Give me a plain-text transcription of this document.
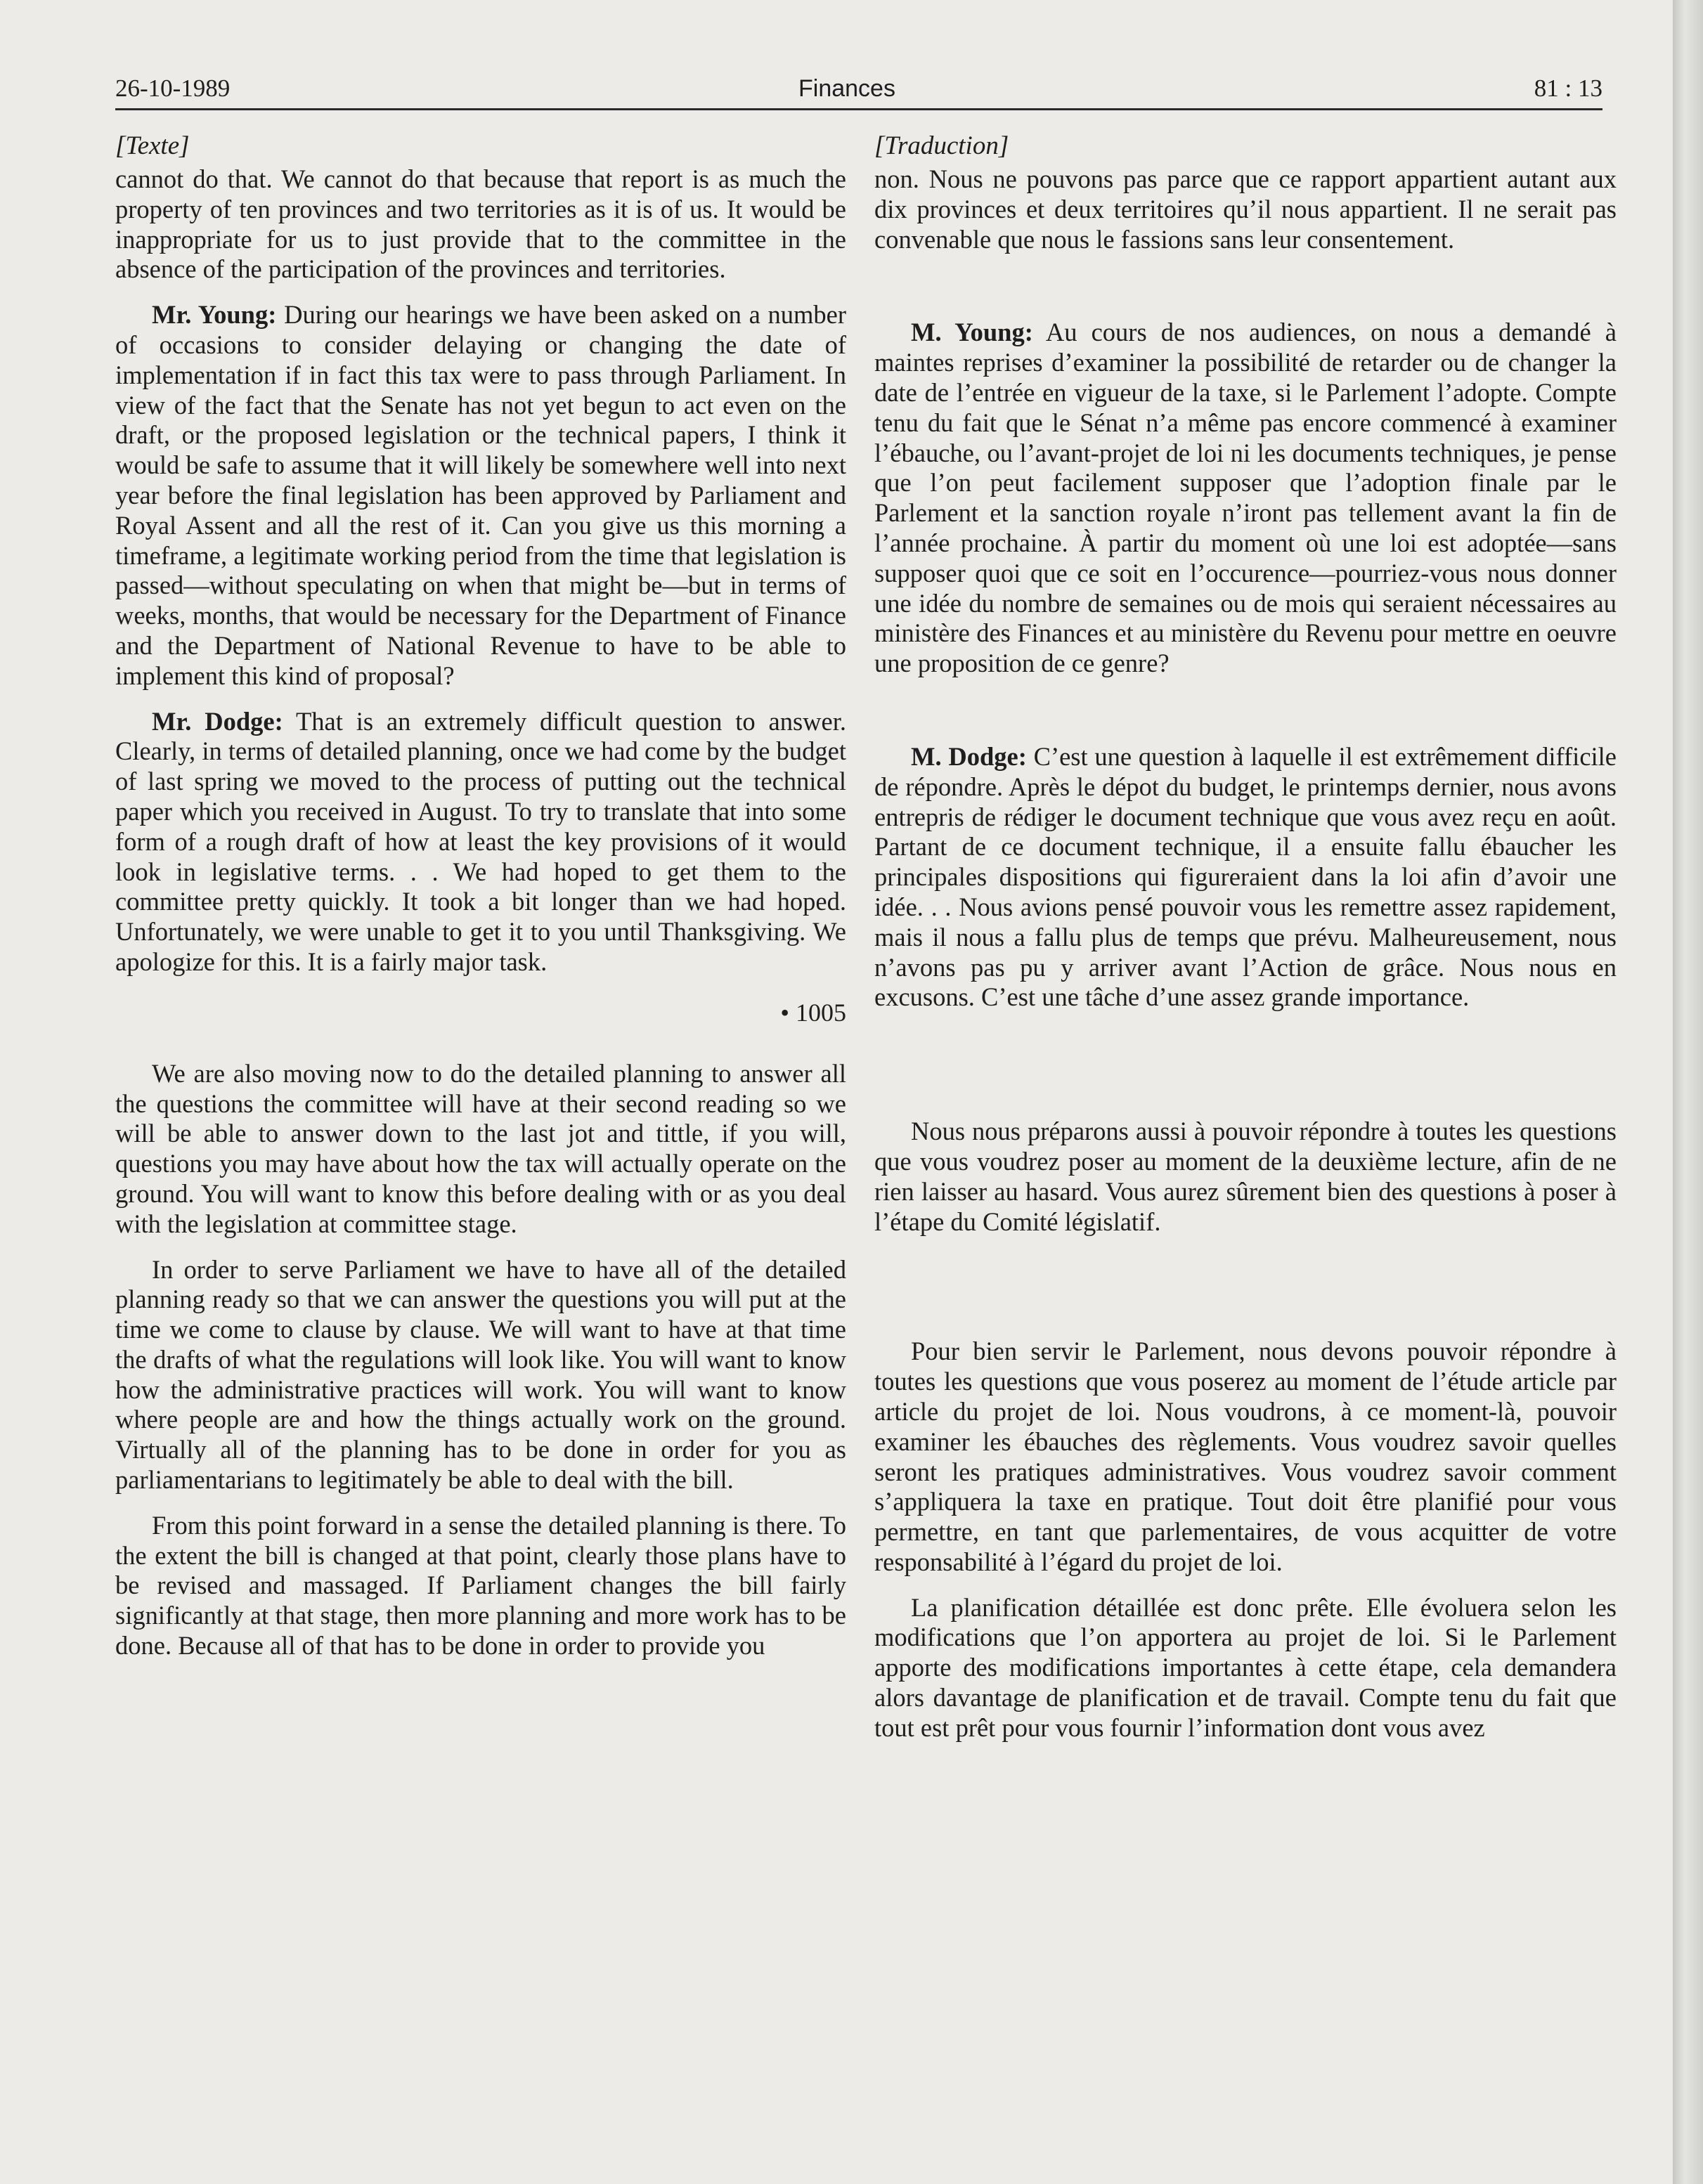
26-10-1989	Finances	81 : 13
[Texte]

cannot do that. We cannot do that because that report is as much the property of ten provinces and two territories as it is of us. It would be inappropriate for us to just provide that to the committee in the absence of the participation of the provinces and territories.

Mr. Young: During our hearings we have been asked on a number of occasions to consider delaying or changing the date of implementation if in fact this tax were to pass through Parliament. In view of the fact that the Senate has not yet begun to act even on the draft, or the proposed legislation or the technical papers, I think it would be safe to assume that it will likely be somewhere well into next year before the final legislation has been approved by Parliament and Royal Assent and all the rest of it. Can you give us this morning a timeframe, a legitimate working period from the time that legislation is passed—without speculating on when that might be—but in terms of weeks, months, that would be necessary for the Department of Finance and the Department of National Revenue to have to be able to implement this kind of proposal?

Mr. Dodge: That is an extremely difficult question to answer. Clearly, in terms of detailed planning, once we had come by the budget of last spring we moved to the process of putting out the technical paper which you received in August. To try to translate that into some form of a rough draft of how at least the key provisions of it would look in legislative terms. . . We had hoped to get them to the committee pretty quickly. It took a bit longer than we had hoped. Unfortunately, we were unable to get it to you until Thanksgiving. We apologize for this. It is a fairly major task.

• 1005

We are also moving now to do the detailed planning to answer all the questions the committee will have at their second reading so we will be able to answer down to the last jot and tittle, if you will, questions you may have about how the tax will actually operate on the ground. You will want to know this before dealing with or as you deal with the legislation at committee stage.

In order to serve Parliament we have to have all of the detailed planning ready so that we can answer the questions you will put at the time we come to clause by clause. We will want to have at that time the drafts of what the regulations will look like. You will want to know how the administrative practices will work. You will want to know where people are and how the things actually work on the ground. Virtually all of the planning has to be done in order for you as parliamentarians to legitimately be able to deal with the bill.

From this point forward in a sense the detailed planning is there. To the extent the bill is changed at that point, clearly those plans have to be revised and massaged. If Parliament changes the bill fairly significantly at that stage, then more planning and more work has to be done. Because all of that has to be done in order to provide you

[Traduction]

non. Nous ne pouvons pas parce que ce rapport appartient autant aux dix provinces et deux territoires qu’il nous appartient. Il ne serait pas convenable que nous le fassions sans leur consentement.

M. Young: Au cours de nos audiences, on nous a demandé à maintes reprises d’examiner la possibilité de retarder ou de changer la date de l’entrée en vigueur de la taxe, si le Parlement l’adopte. Compte tenu du fait que le Sénat n’a même pas encore commencé à examiner l’ébauche, ou l’avant-projet de loi ni les documents techniques, je pense que l’on peut facilement supposer que l’adoption finale par le Parlement et la sanction royale n’iront pas tellement avant la fin de l’année prochaine. À partir du moment où une loi est adoptée—sans supposer quoi que ce soit en l’occurence—pourriez-vous nous donner une idée du nombre de semaines ou de mois qui seraient nécessaires au ministère des Finances et au ministère du Revenu pour mettre en oeuvre une proposition de ce genre?

M. Dodge: C’est une question à laquelle il est extrêmement difficile de répondre. Après le dépot du budget, le printemps dernier, nous avons entrepris de rédiger le document technique que vous avez reçu en août. Partant de ce document technique, il a ensuite fallu ébaucher les principales dispositions qui figureraient dans la loi afin d’avoir une idée. . . Nous avions pensé pouvoir vous les remettre assez rapidement, mais il nous a fallu plus de temps que prévu. Malheureusement, nous n’avons pas pu y arriver avant l’Action de grâce. Nous nous en excusons. C’est une tâche d’une assez grande importance.

Nous nous préparons aussi à pouvoir répondre à toutes les questions que vous voudrez poser au moment de la deuxième lecture, afin de ne rien laisser au hasard. Vous aurez sûrement bien des questions à poser à l’étape du Comité législatif.

Pour bien servir le Parlement, nous devons pouvoir répondre à toutes les questions que vous poserez au moment de l’étude article par article du projet de loi. Nous voudrons, à ce moment-là, pouvoir examiner les ébauches des règlements. Vous voudrez savoir quelles seront les pratiques administratives. Vous voudrez savoir comment s’appliquera la taxe en pratique. Tout doit être planifié pour vous permettre, en tant que parlementaires, de vous acquitter de votre responsabilité à l’égard du projet de loi.

La planification détaillée est donc prête. Elle évoluera selon les modifications que l’on apportera au projet de loi. Si le Parlement apporte des modifications importantes à cette étape, cela demandera alors davantage de planification et de travail. Compte tenu du fait que tout est prêt pour vous fournir l’information dont vous avez
